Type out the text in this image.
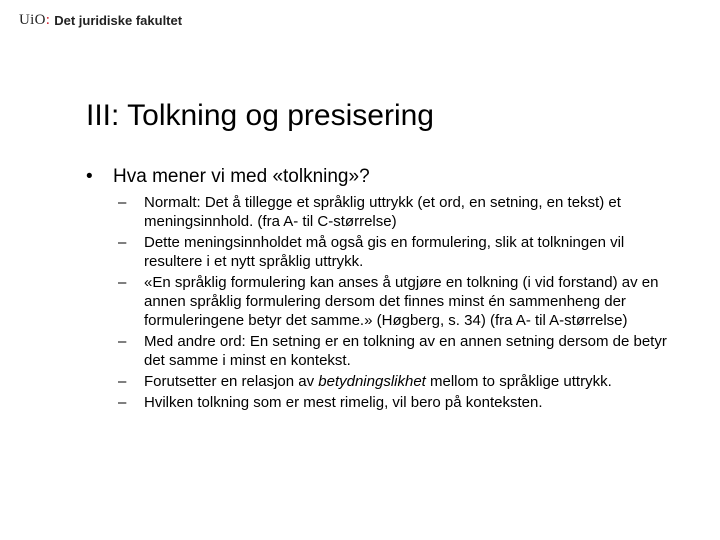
UiO: Det juridiske fakultet
III: Tolkning og presisering
•	Hva mener vi med «tolkning»?
–	Normalt: Det å tillegge et språklig uttrykk (et ord, en setning, en tekst) et meningsinnhold. (fra A- til C-størrelse)
–	Dette meningsinnholdet må også gis en formulering, slik at tolkningen vil resultere i et nytt språklig uttrykk.
–	«En språklig formulering kan anses å utgjøre en tolkning (i vid forstand) av en annen språklig formulering dersom det finnes minst én sammenheng der formuleringene betyr det samme.» (Høgberg, s. 34) (fra A- til A-størrelse)
–	Med andre ord: En setning er en tolkning av en annen setning dersom de betyr det samme i minst en kontekst.
–	Forutsetter en relasjon av betydningslikhet mellom to språklige uttrykk.
–	Hvilken tolkning som er mest rimelig, vil bero på konteksten.
